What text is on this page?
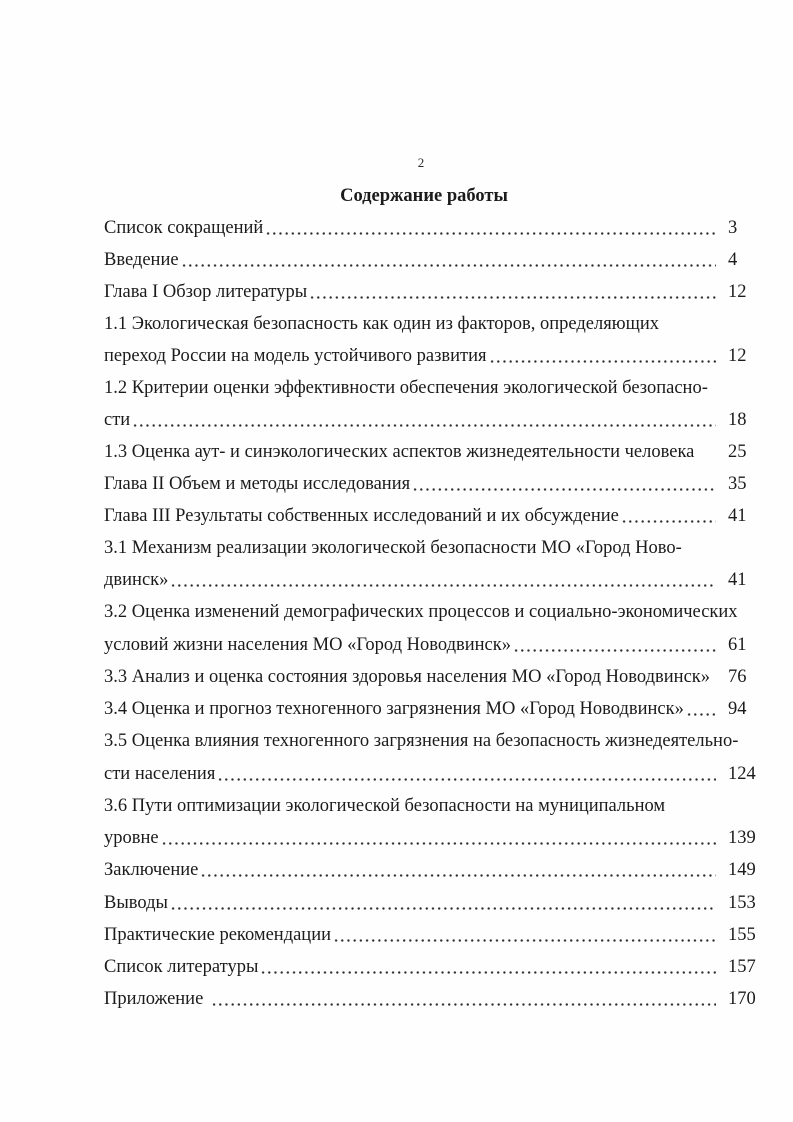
2
Содержание работы
Список сокращений	3
Введение	4
Глава I Обзор литературы	12
1.1 Экологическая безопасность как один из факторов, определяющих
переход России на модель устойчивого развития	12
1.2 Критерии оценки эффективности обеспечения экологической безопасно-
сти	18
1.3 Оценка аут- и синэкологических аспектов жизнедеятельности человека 25
Глава II Объем и методы исследования	35
Глава III Результаты собственных исследований и их обсуждение	41
3.1 Механизм реализации экологической безопасности МО «Город Ново-
двинск»	41
3.2 Оценка изменений демографических процессов и социально-экономических
условий жизни населения МО «Город Новодвинск»	61
3.3 Анализ и оценка состояния здоровья населения МО «Город Новодвинск» 76
3.4 Оценка и прогноз техногенного загрязнения МО «Город Новодвинск» 94
3.5 Оценка влияния техногенного загрязнения на безопасность жизнедеятельно-
сти населения	124
3.6 Пути оптимизации экологической безопасности на муниципальном
уровне	139
Заключение	149
Выводы	153
Практические рекомендации	155
Список литературы	157
Приложение	170
